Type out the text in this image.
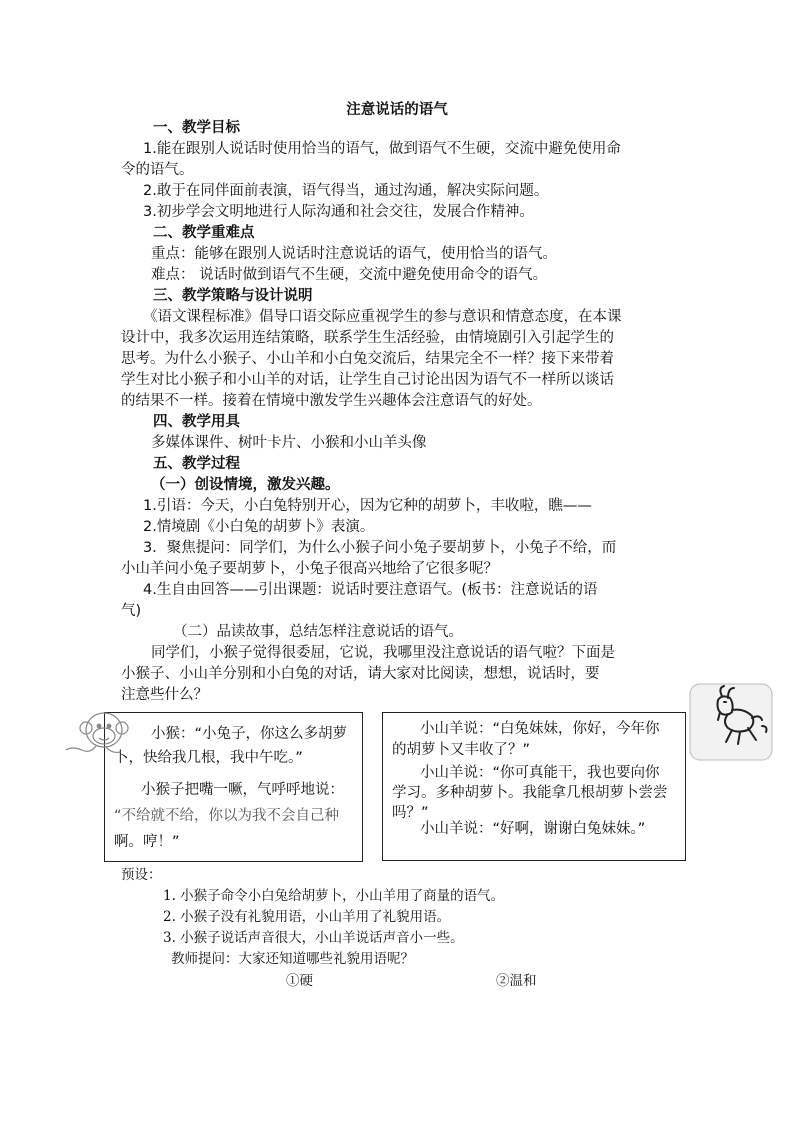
注意说话的语气
一、教学目标
1.能在跟别人说话时使用恰当的语气，做到语气不生硬，交流中避免使用命
令的语气。
2.敢于在同伴面前表演，语气得当，通过沟通，解决实际问题。
3.初步学会文明地进行人际沟通和社会交往，发展合作精神。
二、教学重难点
重点：能够在跟别人说话时注意说话的语气，使用恰当的语气。
难点： 说话时做到语气不生硬，交流中避免使用命令的语气。
三、教学策略与设计说明
《语文课程标准》倡导口语交际应重视学生的参与意识和情意态度，在本课
设计中，我多次运用连结策略，联系学生生活经验，由情境剧引入引起学生的
思考。为什么小猴子、小山羊和小白兔交流后，结果完全不一样？接下来带着
学生对比小猴子和小山羊的对话，让学生自己讨论出因为语气不一样所以谈话
的结果不一样。接着在情境中激发学生兴趣体会注意语气的好处。
四、教学用具
多媒体课件、树叶卡片、小猴和小山羊头像
五、教学过程
（一）创设情境，激发兴趣。
1.引语：今天，小白兔特别开心，因为它种的胡萝卜，丰收啦，瞧——
2.情境剧《小白兔的胡萝卜》表演。
3．聚焦提问：同学们，为什么小猴子问小兔子要胡萝卜，小兔子不给，而
小山羊问小兔子要胡萝卜，小兔子很高兴地给了它很多呢？
4.生自由回答——引出课题：说话时要注意语气。(板书：注意说话的语
气)
（二）品读故事，总结怎样注意说话的语气。
同学们，小猴子觉得很委屈，它说，我哪里没注意说话的语气啦？下面是
小猴子、小山羊分别和小白兔的对话，请大家对比阅读，想想，说话时，要
注意些什么？
小猴：“小兔子，你这么多胡萝
卜，快给我几根，我中午吃。”
小猴子把嘴一噘，气呼呼地说：
“不给就不给，你以为我不会自己种
啊。哼！”
小山羊说：“白兔妹妹，你好，今年你
的胡萝卜又丰收了？”
小山羊说：“你可真能干，我也要向你
学习。多种胡萝卜。我能拿几根胡萝卜尝尝
吗？”
小山羊说：“好啊，谢谢白兔妹妹。”
预设：
1. 小猴子命令小白兔给胡萝卜，小山羊用了商量的语气。
2. 小猴子没有礼貌用语，小山羊用了礼貌用语。
3. 小猴子说话声音很大，小山羊说话声音小一些。
教师提问：大家还知道哪些礼貌用语呢？
①硬	②温和
